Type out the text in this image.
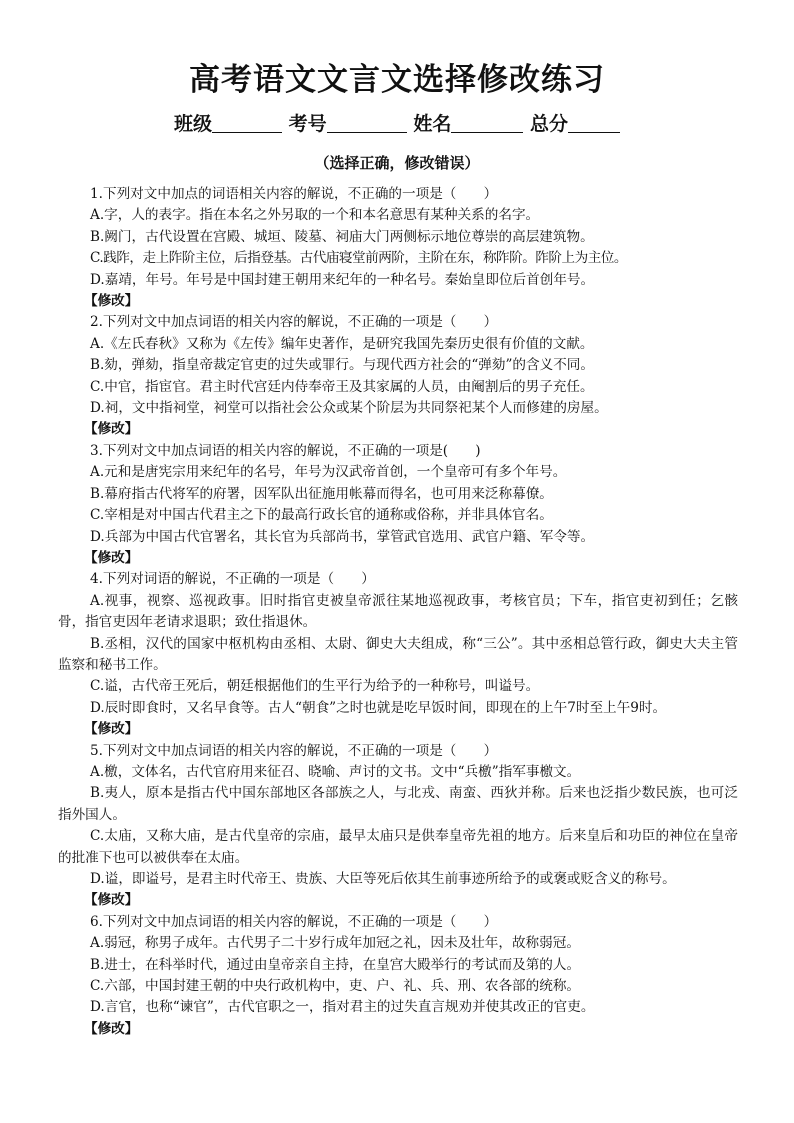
高考语文文言文选择修改练习
班级	考号	姓名	总分
（选择正确，修改错误）

1.下列对文中加点的词语相关内容的解说，不正确的一项是（　　）

A.字，人的表字。指在本名之外另取的一个和本名意思有某种关系的名字。

B.阙门，古代设置在宫殿、城垣、陵墓、祠庙大门两侧标示地位尊崇的高层建筑物。

C.践阼，走上阼阶主位，后指登基。古代庙寝堂前两阶，主阶在东，称阼阶。阼阶上为主位。

D.嘉靖，年号。年号是中国封建王朝用来纪年的一种名号。秦始皇即位后首创年号。

【修改】

2.下列对文中加点词语的相关内容的解说，不正确的一项是（　　）

A.《左氏春秋》又称为《左传》编年史著作，是研究我国先秦历史很有价值的文献。

B.劾，弹劾，指皇帝裁定官吏的过失或罪行。与现代西方社会的“弹劾”的含义不同。

C.中官，指宦官。君主时代宫廷内侍奉帝王及其家属的人员，由阉割后的男子充任。

D.祠，文中指祠堂，祠堂可以指社会公众或某个阶层为共同祭祀某个人而修建的房屋。

【修改】

3.下列对文中加点词语的相关内容的解说，不正确的一项是(　　)

A.元和是唐宪宗用来纪年的名号，年号为汉武帝首创，一个皇帝可有多个年号。

B.幕府指古代将军的府署，因军队出征施用帐幕而得名，也可用来泛称幕僚。

C.宰相是对中国古代君主之下的最高行政长官的通称或俗称，并非具体官名。

D.兵部为中国古代官署名，其长官为兵部尚书，掌管武官选用、武官户籍、军令等。

【修改】

4.下列对词语的解说，不正确的一项是（　　）

A.视事，视察、巡视政事。旧时指官吏被皇帝派往某地巡视政事，考核官员；下车，指官吏初到任；乞骸骨，指官吏因年老请求退职；致仕指退休。

B.丞相，汉代的国家中枢机构由丞相、太尉、御史大夫组成，称“三公”。其中丞相总管行政，御史大夫主管监察和秘书工作。

C.谥，古代帝王死后，朝廷根据他们的生平行为给予的一种称号，叫谥号。

D.辰时即食时，又名早食等。古人“朝食”之时也就是吃早饭时间，即现在的上午7时至上午9时。

【修改】

5.下列对文中加点词语的相关内容的解说，不正确的一项是（　　）

A.檄，文体名，古代官府用来征召、晓喻、声讨的文书。文中“兵檄”指军事檄文。

B.夷人，原本是指古代中国东部地区各部族之人，与北戎、南蛮、西狄并称。后来也泛指少数民族，也可泛指外国人。

C.太庙，又称大庙，是古代皇帝的宗庙，最早太庙只是供奉皇帝先祖的地方。后来皇后和功臣的神位在皇帝的批准下也可以被供奉在太庙。

D.谥，即谥号，是君主时代帝王、贵族、大臣等死后依其生前事迹所给予的或褒或贬含义的称号。

【修改】

6.下列对文中加点词语的相关内容的解说，不正确的一项是（　　）

A.弱冠，称男子成年。古代男子二十岁行成年加冠之礼，因未及壮年，故称弱冠。

B.进士，在科举时代，通过由皇帝亲自主持，在皇宫大殿举行的考试而及第的人。

C.六部，中国封建王朝的中央行政机构中，吏、户、礼、兵、刑、农各部的统称。

D.言官，也称“谏官”，古代官职之一，指对君主的过失直言规劝并使其改正的官吏。

【修改】
